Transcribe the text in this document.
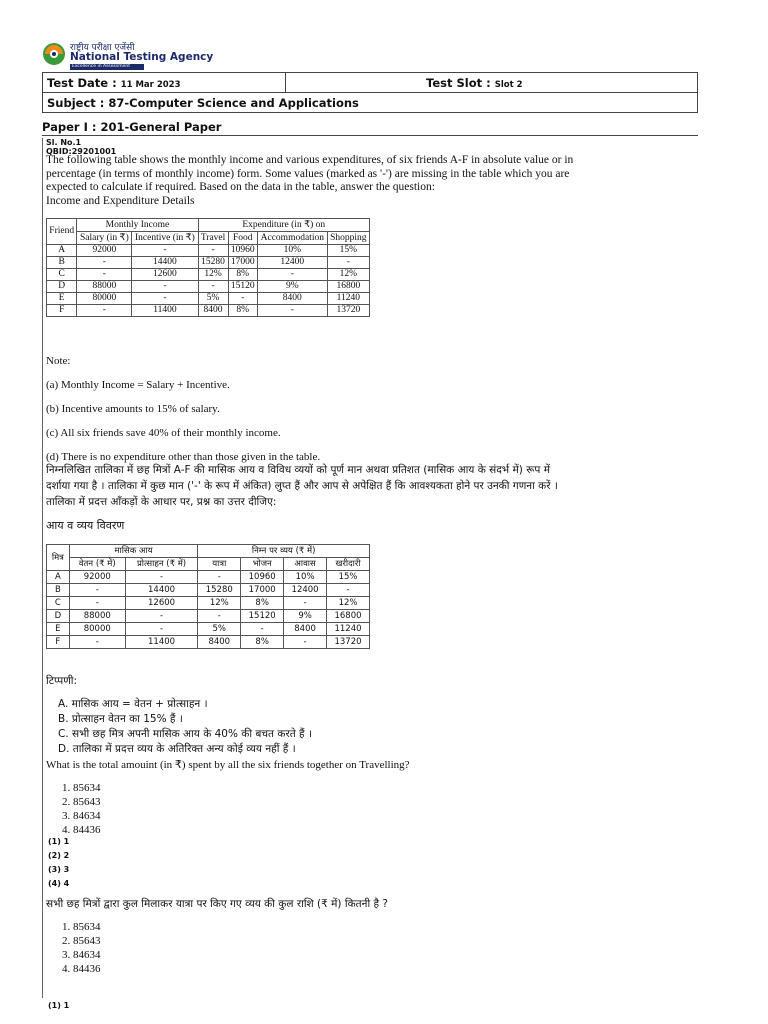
राष्ट्रीय परीक्षा एजेंसी
National Testing Agency
Excellence in Assessment
Test Date : 11 Mar 2023	Test Slot : Slot 2
Subject : 87-Computer Science and Applications
Paper I : 201-General Paper
Sl. No.1
QBID:29201001
The following table shows the monthly income and various expenditures, of six friends A-F in absolute value or in percentage (in terms of monthly income) form. Some values (marked as '-') are missing in the table which you are expected to calculate if required. Based on the data in the table, answer the question:
Income and Expenditure Details
Friend	Monthly Income		Expenditure (in ₹) on			
	Salary (in ₹)	Incentive (in ₹)	Travel	Food	Accommodation	Shopping
A	92000	-	-	10960	10%	15%
B	-	14400	15280	17000	12400	-
C	-	12600	12%	8%	-	12%
D	88000	-	-	15120	9%	16800
E	80000	-	5%	-	8400	11240
F	-	11400	8400	8%	-	13720
Note:
(a) Monthly Income = Salary + Incentive.
(b) Incentive amounts to 15% of salary.
(c) All six friends save 40% of their monthly income.
(d) There is no expenditure other than those given in the table.
निम्नलिखित तालिका में छह मित्रों A-F की मासिक आय व विविध व्ययों को पूर्ण मान अथवा प्रतिशत (मासिक आय के संदर्भ में) रूप में दर्शाया गया है । तालिका में कुछ मान ('-' के रूप में अंकित) लुप्त हैं और आप से अपेक्षित हैं कि आवश्यकता होने पर उनकी गणना करें । तालिका में प्रदत्त आँकड़ों के आधार पर, प्रश्न का उत्तर दीजिए:
आय व व्यय विवरण
मित्र	मासिक आय		निम्न पर व्यय (₹ में)			
	वेतन (₹ में)	प्रोत्साहन (₹ में)	यात्रा	भोजन	आवास	खरीदारी
A	92000	-	-	10960	10%	15%
B	-	14400	15280	17000	12400	-
C	-	12600	12%	8%	-	12%
D	88000	-	-	15120	9%	16800
E	80000	-	5%	-	8400	11240
F	-	11400	8400	8%	-	13720
टिप्पणी:
A. मासिक आय = वेतन + प्रोत्साहन ।
B. प्रोत्साहन वेतन का 15% हैं ।
C. सभी छह मित्र अपनी मासिक आय के 40% की बचत करते हैं ।
D. तालिका में प्रदत्त व्यय के अतिरिक्त अन्य कोई व्यय नहीं हैं ।
What is the total amouint (in ₹) spent by all the six friends together on Travelling?
1. 85634
2. 85643
3. 84634
4. 84436
(1) 1
(2) 2
(3) 3
(4) 4
सभी छह मित्रों द्वारा कुल मिलाकर यात्रा पर किए गए व्यय की कुल राशि (₹ में) कितनी है ?
1. 85634
2. 85643
3. 84634
4. 84436
(1) 1
